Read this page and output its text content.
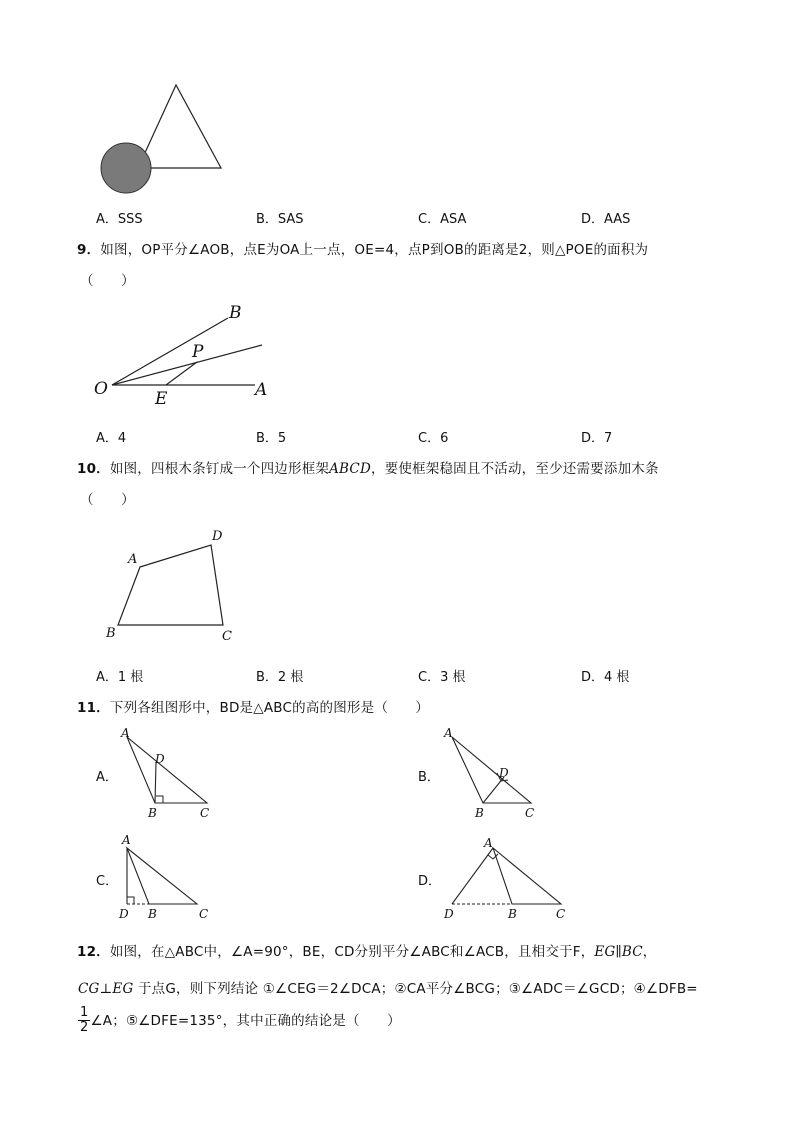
A．SSS	B．SAS	C．ASA	D．AAS
9．如图，OP平分∠AOB，点E为OA上一点，OE=4，点P到OB的距离是2，则△POE的面积为
（　　）
B
P
O	E	A
A．4	B．5	C．6	D．7
10．如图，四根木条钉成一个四边形框架ABCD，要使框架稳固且不活动，至少还需要添加木条
（　　）
A
D
B	C
A．1 根	B．2 根	C．3 根	D．4 根
11．下列各组图形中，BD是△ABC的高的图形是（　　）
A．
A
D
B	C
B．
A
D
B	C
C．
A
D B	C
D．
A
D	B	C
12．如图，在△ABC中，∠A=90°，BE，CD分别平分∠ABC和∠ACB，且相交于F，EG∥BC，
CG⊥EG 于点G，则下列结论 ①∠CEG＝2∠DCA；②CA平分∠BCG；③∠ADC＝∠GCD；④∠DFB=
$\frac{1}{2}$ ∠A；⑤∠DFE=135°，其中正确的结论是（　　）
